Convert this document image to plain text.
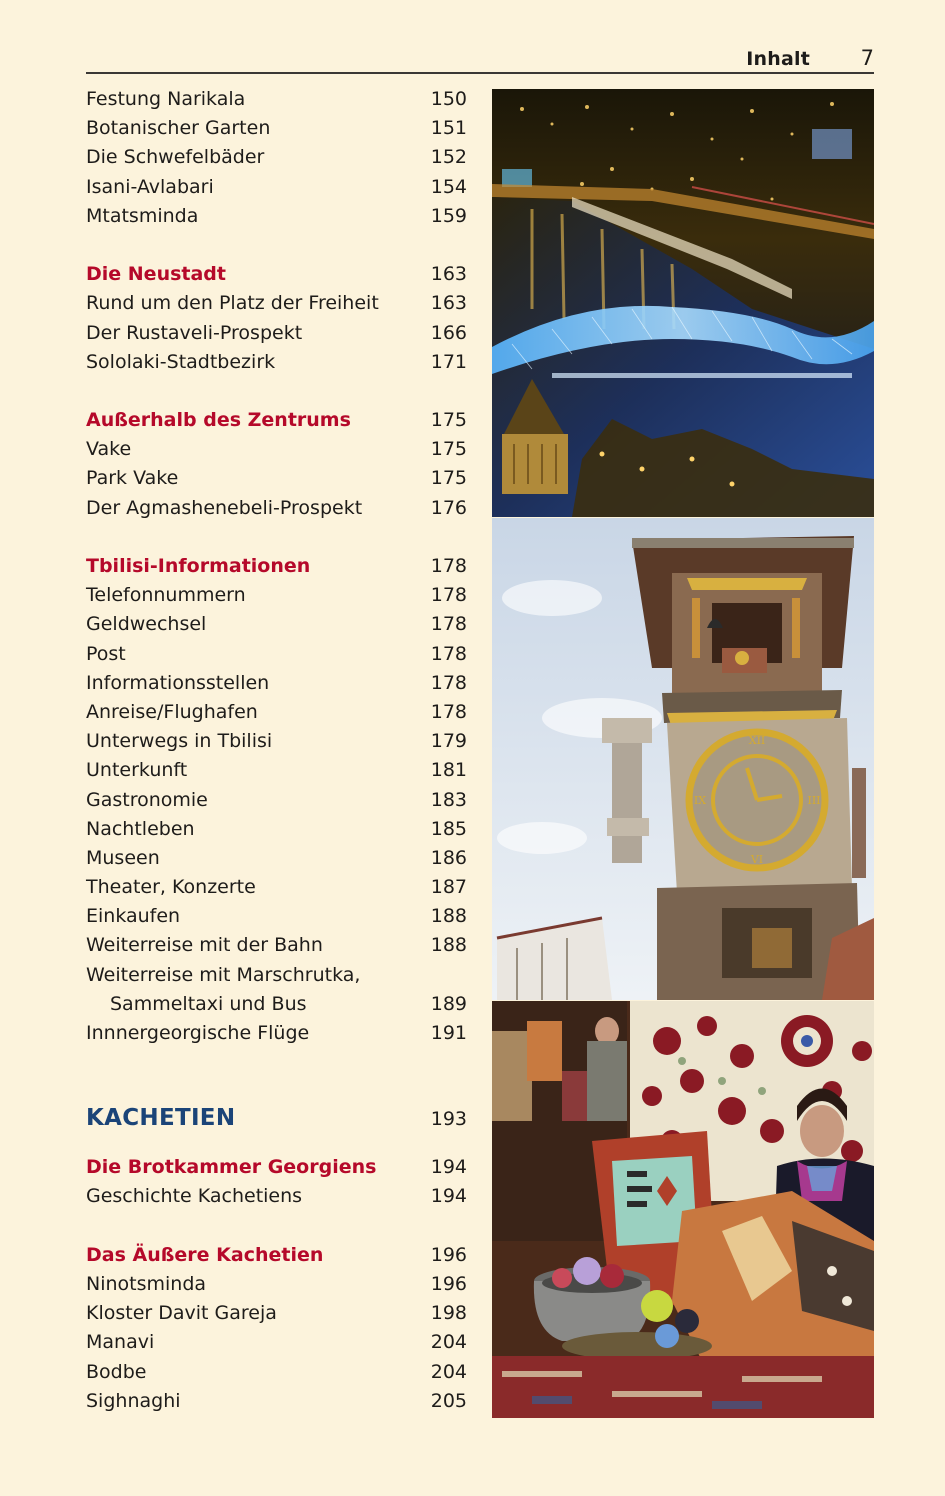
Inhalt 7
Festung Narikala	150
Botanischer Garten	151
Die Schwefelbäder	152
Isani-Avlabari	154
Mtatsminda	159
Die Neustadt	163
Rund um den Platz der Freiheit	163
Der Rustaveli-Prospekt	166
Sololaki-Stadtbezirk	171
Außerhalb des Zentrums	175
Vake	175
Park Vake	175
Der Agmashenebeli-Prospekt	176
Tbilisi-Informationen	178
Telefonnummern	178
Geldwechsel	178
Post	178
Informationsstellen	178
Anreise/Flughafen	178
Unterwegs in Tbilisi	179
Unterkunft	181
Gastronomie	183
Nachtleben	185
Museen	186
Theater, Konzerte	187
Einkaufen	188
Weiterreise mit der Bahn	188
Weiterreise mit Marschrutka,
Sammeltaxi und Bus	189
Innnergeorgische Flüge	191
KACHETIEN	193
Die Brotkammer Georgiens	194
Geschichte Kachetiens	194
Das Äußere Kachetien	196
Ninotsminda	196
Kloster Davit Gareja	198
Manavi	204
Bodbe	204
Sighnaghi	205
XII
III
VI
IX
